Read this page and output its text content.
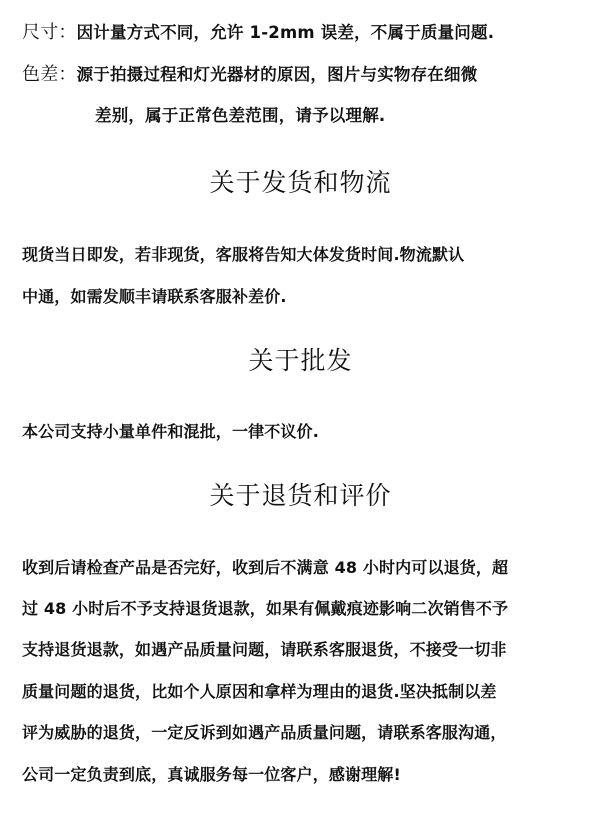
尺寸：因计量方式不同，允许 1-2mm 误差，不属于质量问题.
色差：源于拍摄过程和灯光器材的原因，图片与实物存在细微
差别，属于正常色差范围，请予以理解.
关于发货和物流
现货当日即发，若非现货，客服将告知大体发货时间.物流默认
中通，如需发顺丰请联系客服补差价.
关于批发
本公司支持小量单件和混批，一律不议价.
关于退货和评价
收到后请检查产品是否完好，收到后不满意 48 小时内可以退货，超
过 48 小时后不予支持退货退款，如果有佩戴痕迹影响二次销售不予
支持退货退款，如遇产品质量问题，请联系客服退货，不接受一切非
质量问题的退货，比如个人原因和拿样为理由的退货.坚决抵制以差
评为威胁的退货，一定反诉到如遇产品质量问题，请联系客服沟通，
公司一定负责到底，真诚服务每一位客户，感谢理解!
